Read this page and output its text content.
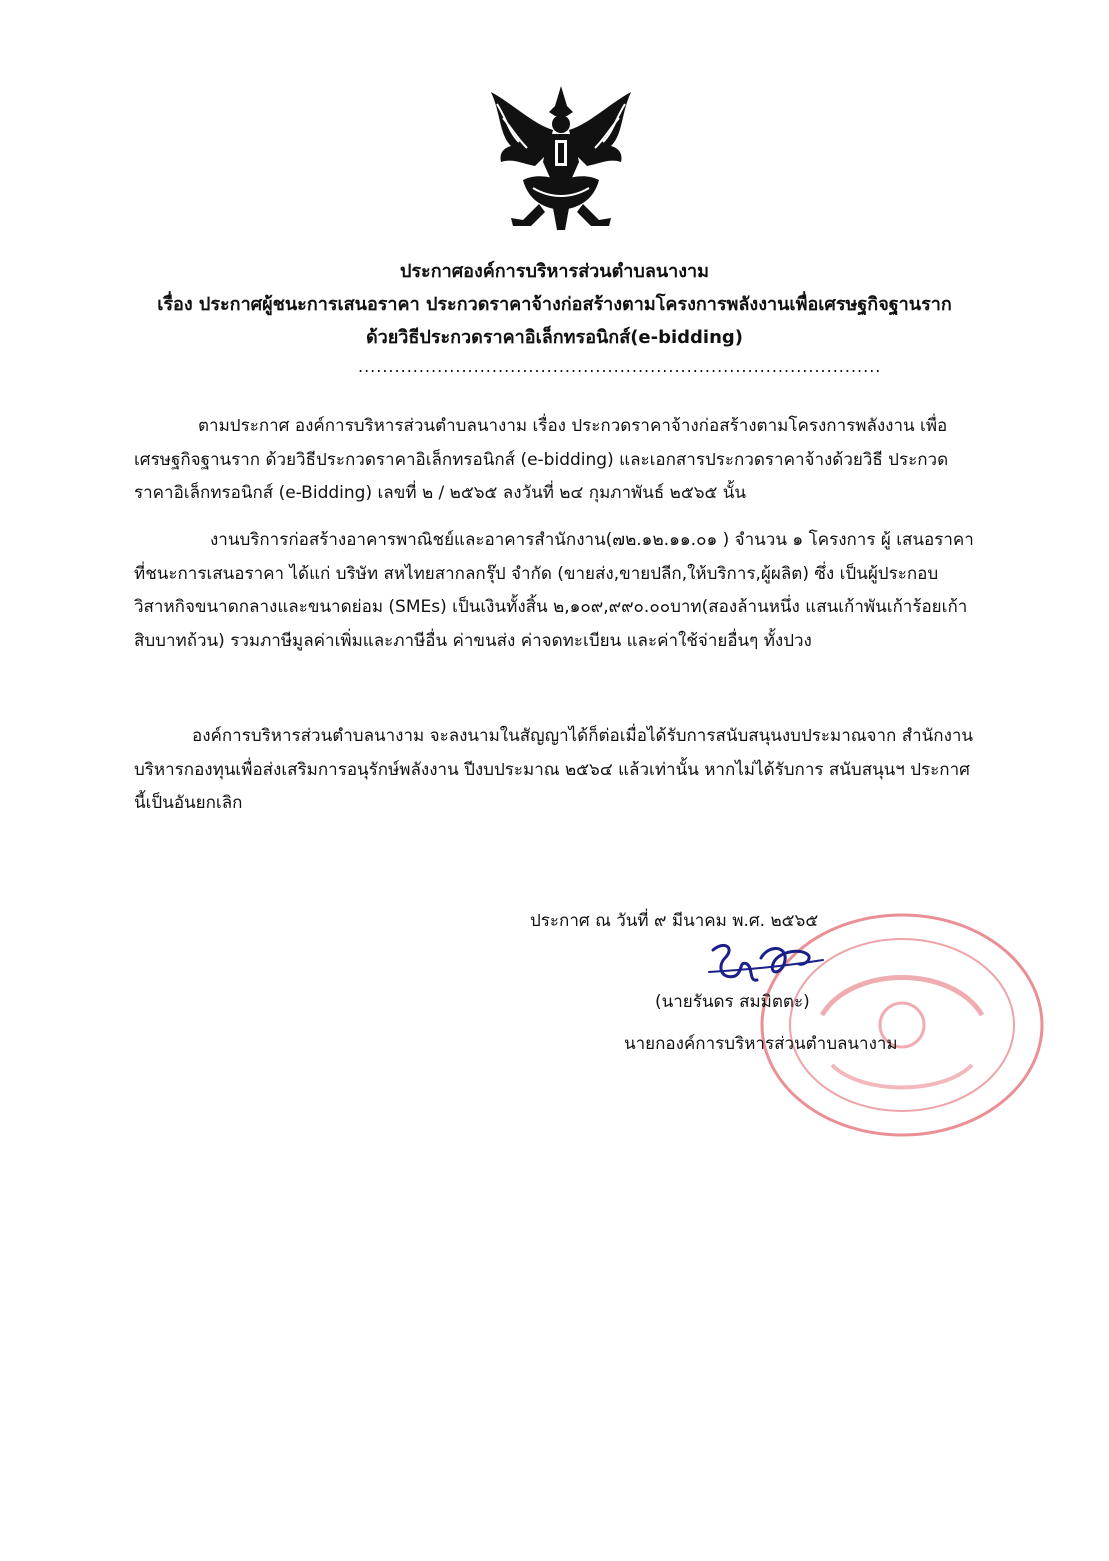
ประกาศองค์การบริหารส่วนตำบลนางาม
เรื่อง ประกาศผู้ชนะการเสนอราคา ประกวดราคาจ้างก่อสร้างตามโครงการพลังงานเพื่อเศรษฐกิจฐานราก
ด้วยวิธีประกวดราคาอิเล็กทรอนิกส์(e-bidding)
......................................................................................
ตามประกาศ องค์การบริหารส่วนตำบลนางาม เรื่อง ประกวดราคาจ้างก่อสร้างตามโครงการพลังงาน เพื่อเศรษฐกิจฐานราก ด้วยวิธีประกวดราคาอิเล็กทรอนิกส์ (e-bidding) และเอกสารประกวดราคาจ้างด้วยวิธี ประกวดราคาอิเล็กทรอนิกส์ (e-Bidding) เลขที่ ๒ / ๒๕๖๕ ลงวันที่ ๒๔ กุมภาพันธ์ ๒๕๖๕ นั้น
งานบริการก่อสร้างอาคารพาณิชย์และอาคารสำนักงาน(๗๒.๑๒.๑๑.๐๑ ) จำนวน ๑ โครงการ ผู้ เสนอราคาที่ชนะการเสนอราคา ได้แก่ บริษัท สหไทยสากลกรุ๊ป จำกัด (ขายส่ง,ขายปลีก,ให้บริการ,ผู้ผลิต) ซึ่ง เป็นผู้ประกอบวิสาหกิจขนาดกลางและขนาดย่อม (SMEs) เป็นเงินทั้งสิ้น ๒,๑๐๙,๙๙๐.๐๐บาท(สองล้านหนึ่ง แสนเก้าพันเก้าร้อยเก้าสิบบาทถ้วน) รวมภาษีมูลค่าเพิ่มและภาษีอื่น ค่าขนส่ง ค่าจดทะเบียน และค่าใช้จ่ายอื่นๆ ทั้งปวง
องค์การบริหารส่วนตำบลนางาม จะลงนามในสัญญาได้ก็ต่อเมื่อได้รับการสนับสนุนงบประมาณจาก สำนักงานบริหารกองทุนเพื่อส่งเสริมการอนุรักษ์พลังงาน ปีงบประมาณ ๒๕๖๔ แล้วเท่านั้น หากไม่ได้รับการ สนับสนุนฯ ประกาศนี้เป็นอันยกเลิก
ประกาศ ณ วันที่ ๙ มีนาคม พ.ศ. ๒๕๖๕
(นายรันดร สมมิตตะ)
นายกองค์การบริหารส่วนตำบลนางาม
